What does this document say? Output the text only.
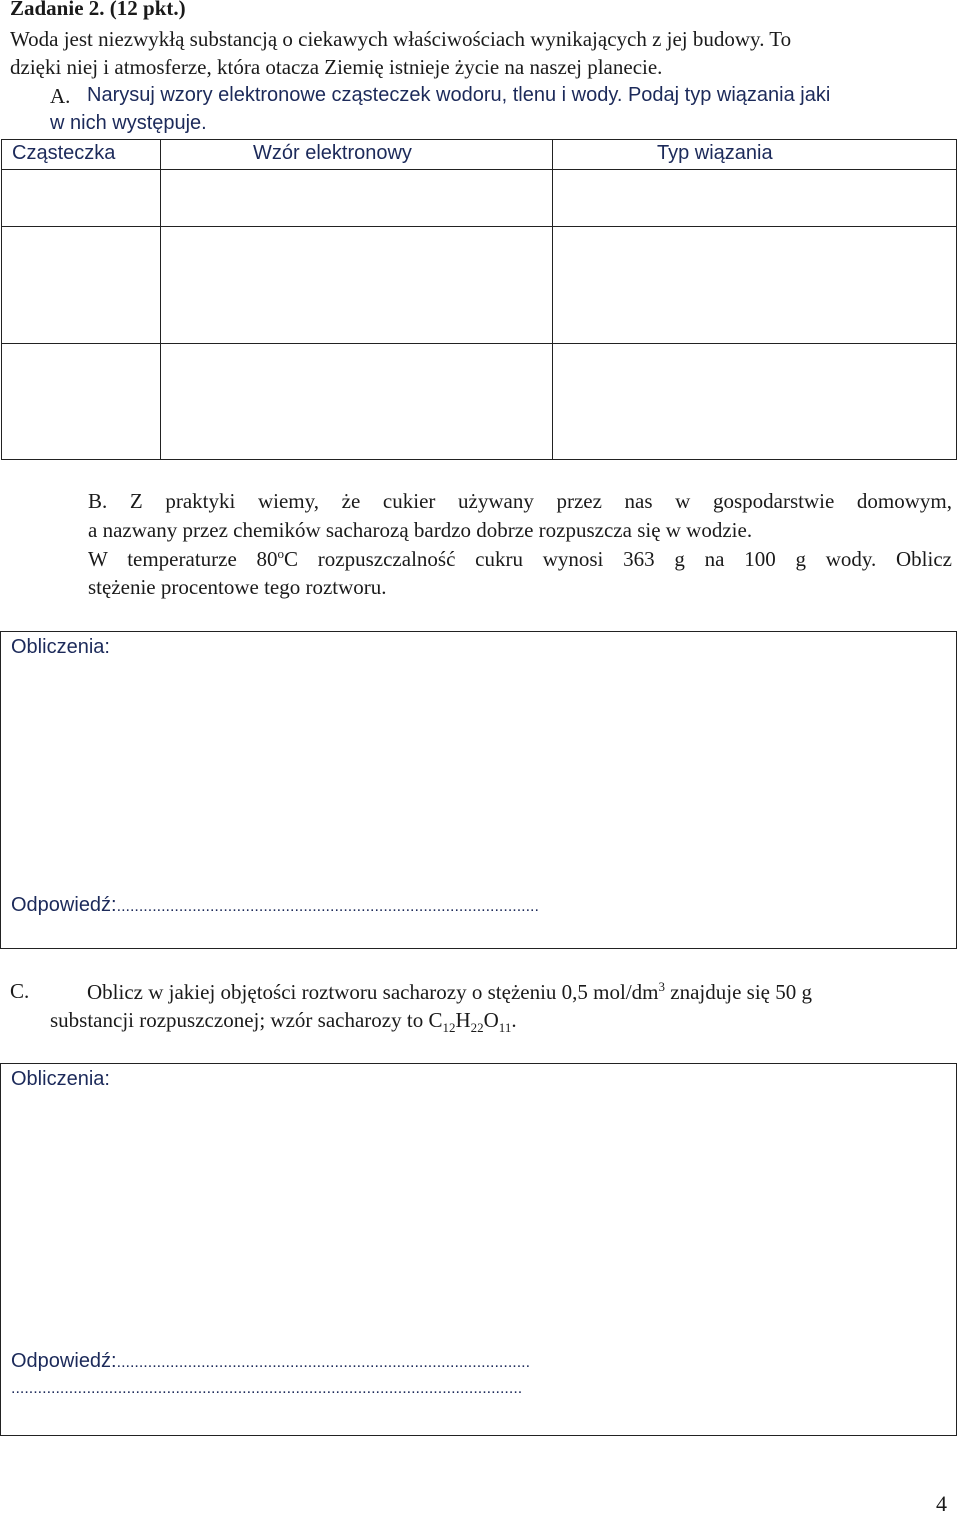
Zadanie 2. (12 pkt.)
Woda jest niezwykłą substancją o ciekawych właściwościach wynikających z jej budowy. To
dzięki niej i atmosferze, która otacza Ziemię istnieje życie na naszej planecie.
A. Narysuj wzory elektronowe cząsteczek wodoru, tlenu i wody. Podaj typ wiązania jaki
w nich występuje.
Cząsteczka	Wzór elektronowy	Typ wiązania

B. Z praktyki wiemy, że cukier używany przez nas w gospodarstwie domowym,
a nazwany przez chemików sacharozą bardzo dobrze rozpuszcza się w wodzie.
W temperaturze 80$^o$C rozpuszczalność cukru wynosi 363 g na 100 g wody. Oblicz
stężenie procentowe tego roztworu.
Obliczenia:
Odpowiedź:...............................................................................................
C.	Oblicz w jakiej objętości roztworu sacharozy o stężeniu 0,5 mol/$dm^3$ znajduje się 50 g
substancji rozpuszczonej; wzór sacharozy to $C_{12}H_{22}O_{11}$.
Obliczenia:
Odpowiedź:.............................................................................................
...................................................................................................................
4
